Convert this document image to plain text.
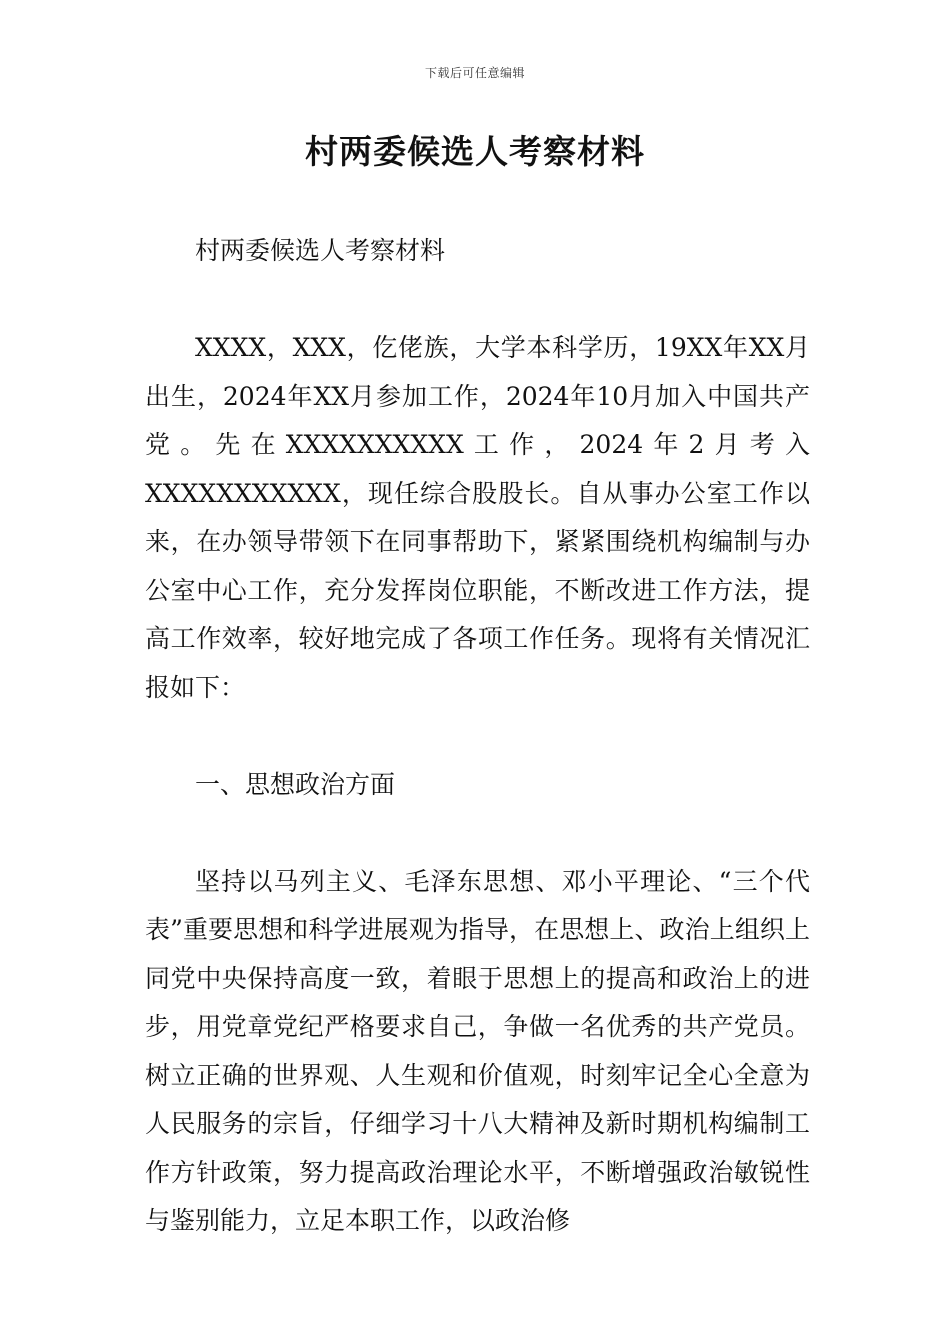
下载后可任意编辑
村两委候选人考察材料

村两委候选人考察材料

XXXX，XXX，仡佬族，大学本科学历，19XX年XX月出生，2024年XX月参加工作，2024年10月加入中国共产党。先在XXXXXXXXXX工作，2024年2月考入XXXXXXXXXXX，现任综合股股长。自从事办公室工作以来，在办领导带领下在同事帮助下，紧紧围绕机构编制与办公室中心工作，充分发挥岗位职能，不断改进工作方法，提高工作效率，较好地完成了各项工作任务。现将有关情况汇报如下：

一、思想政治方面

坚持以马列主义、毛泽东思想、邓小平理论、“三个代表”重要思想和科学进展观为指导，在思想上、政治上组织上同党中央保持高度一致，着眼于思想上的提高和政治上的进步，用党章党纪严格要求自己，争做一名优秀的共产党员。树立正确的世界观、人生观和价值观，时刻牢记全心全意为人民服务的宗旨，仔细学习十八大精神及新时期机构编制工作方针政策，努力提高政治理论水平，不断增强政治敏锐性与鉴别能力，立足本职工作，以政治修
